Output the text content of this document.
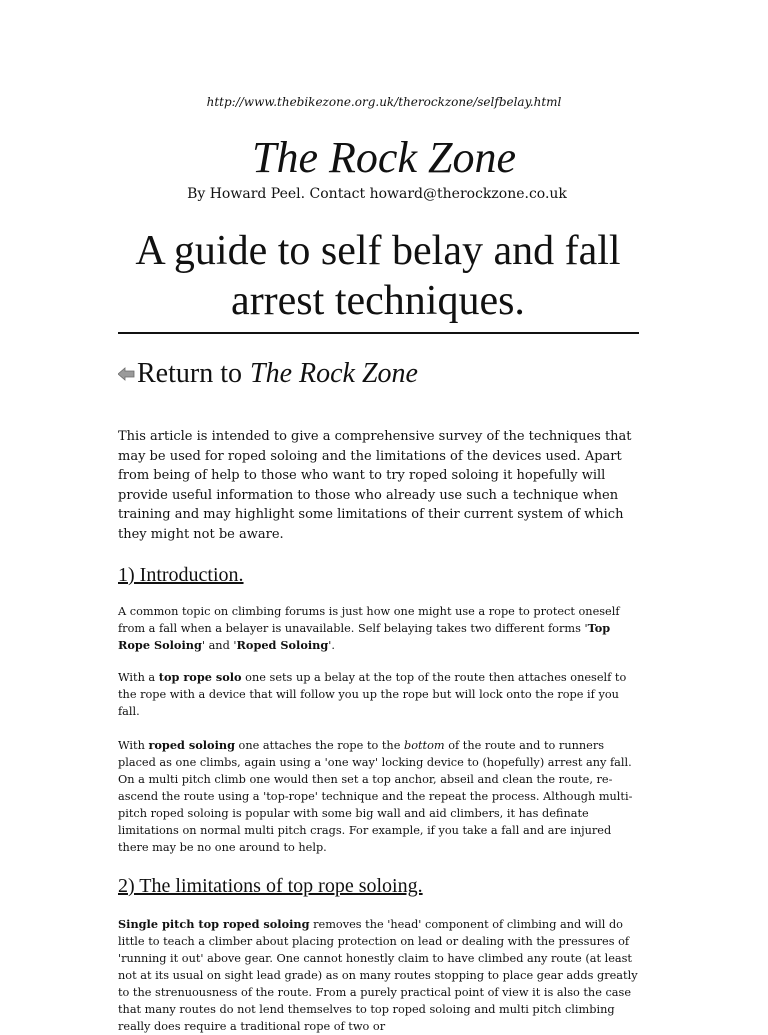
http://www.thebikezone.org.uk/therockzone/selfbelay.html
The Rock Zone
By Howard Peel. Contact howard@therockzone.co.uk
A guide to self belay and fall arrest techniques.
Return to The Rock Zone
This article is intended to give a comprehensive survey of the techniques that may be used for roped soloing and the limitations of the devices used. Apart from being of help to those who want to try roped soloing it hopefully will provide useful information to those who already use such a technique when training and may highlight some limitations of their current system of which they might not be aware.
1) Introduction.
A common topic on climbing forums is just how one might use a rope to protect oneself from a fall when a belayer is unavailable. Self belaying takes two different forms 'Top Rope Soloing' and 'Roped Soloing'.
With a top rope solo one sets up a belay at the top of the route then attaches oneself to the rope with a device that will follow you up the rope but will lock onto the rope if you fall.
With roped soloing one attaches the rope to the bottom of the route and to runners placed as one climbs, again using a 'one way' locking device to (hopefully) arrest any fall. On a multi pitch climb one would then set a top anchor, abseil and clean the route, re-ascend the route using a 'top-rope' technique and the repeat the process. Although multi-pitch roped soloing is popular with some big wall and aid climbers, it has definate limitations on normal multi pitch crags. For example, if you take a fall and are injured there may be no one around to help.
2) The limitations of top rope soloing.
Single pitch top roped soloing removes the 'head' component of climbing and will do little to teach a climber about placing protection on lead or dealing with the pressures of 'running it out' above gear. One cannot honestly claim to have climbed any route (at least not at its usual on sight lead grade) as on many routes stopping to place gear adds greatly to the strenuousness of the route. From a purely practical point of view it is also the case that many routes do not lend themselves to top roped soloing and multi pitch climbing really does require a traditional rope of two or
